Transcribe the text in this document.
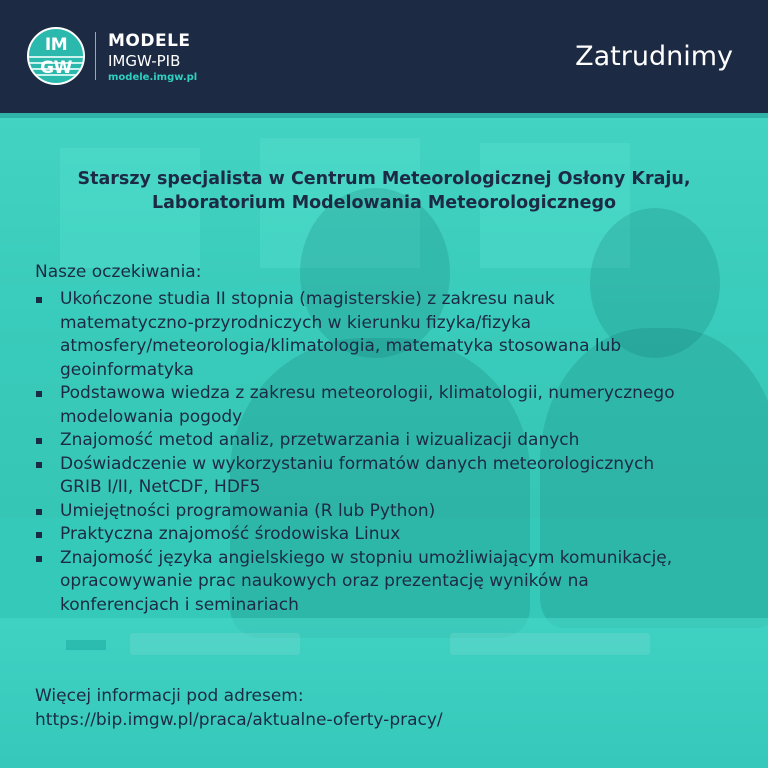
IM
GW
MODELE
IMGW-PIB
modele.imgw.pl
Zatrudnimy
Starszy specjalista w Centrum Meteorologicznej Osłony Kraju,
Laboratorium Modelowania Meteorologicznego
Nasze oczekiwania:
Ukończone studia II stopnia (magisterskie) z zakresu nauk
matematyczno-przyrodniczych w kierunku fizyka/fizyka
atmosfery/meteorologia/klimatologia, matematyka stosowana lub
geoinformatyka
Podstawowa wiedza z zakresu meteorologii, klimatologii, numerycznego
modelowania pogody
Znajomość metod analiz, przetwarzania i wizualizacji danych
Doświadczenie w wykorzystaniu formatów danych meteorologicznych
GRIB I/II, NetCDF, HDF5
Umiejętności programowania (R lub Python)
Praktyczna znajomość środowiska Linux
Znajomość języka angielskiego w stopniu umożliwiającym komunikację,
opracowywanie prac naukowych oraz prezentację wyników na
konferencjach i seminariach
Więcej informacji pod adresem:
https://bip.imgw.pl/praca/aktualne-oferty-pracy/
